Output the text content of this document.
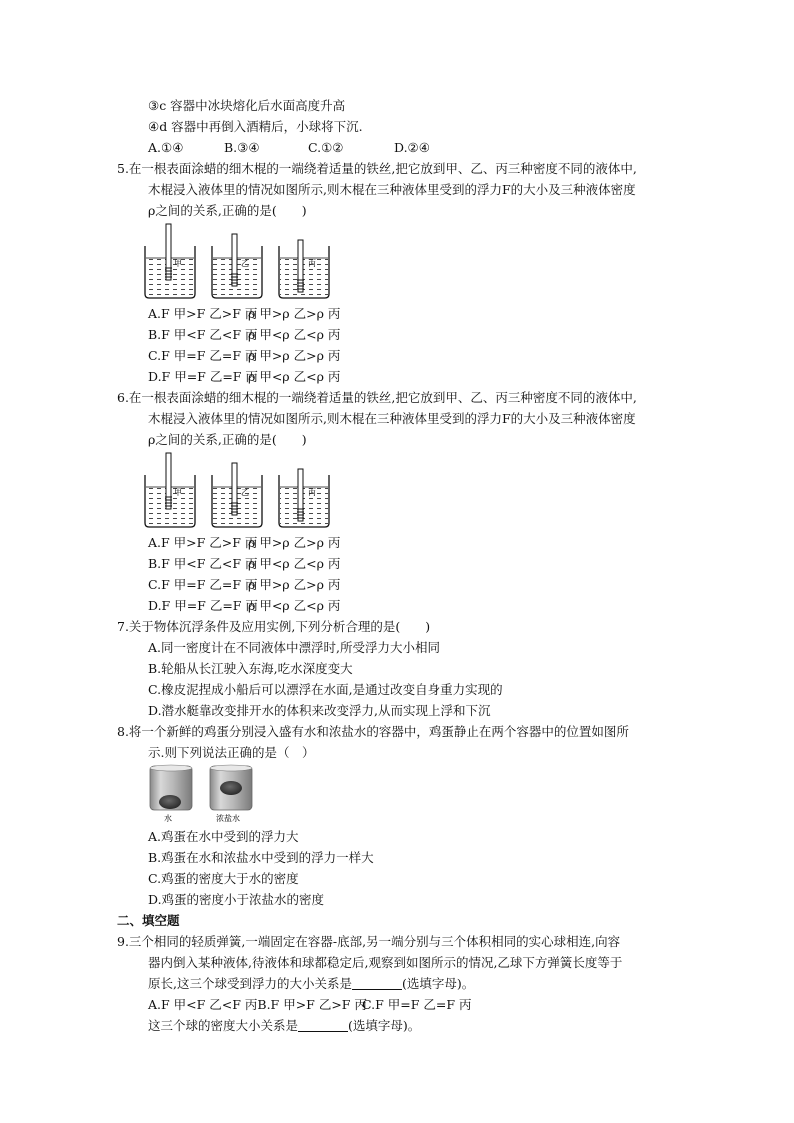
③c 容器中冰块熔化后水面高度升高
④d 容器中再倒入酒精后，小球将下沉.
A.①④	B.③④	C.①②	D.②④
5.在一根表面涂蜡的细木棍的一端绕着适量的铁丝,把它放到甲、乙、丙三种密度不同的液体中,
木棍浸入液体里的情况如图所示,则木棍在三种液体里受到的浮力F的大小及三种液体密度
ρ之间的关系,正确的是(　　)
甲	乙	丙
A.F 甲>F 乙>F 丙
ρ 甲>ρ 乙>ρ 丙
B.F 甲<F 乙<F 丙
ρ 甲<ρ 乙<ρ 丙
C.F 甲=F 乙=F 丙
ρ 甲>ρ 乙>ρ 丙
D.F 甲=F 乙=F 丙
ρ 甲<ρ 乙<ρ 丙
6.在一根表面涂蜡的细木棍的一端绕着适量的铁丝,把它放到甲、乙、丙三种密度不同的液体中,
木棍浸入液体里的情况如图所示,则木棍在三种液体里受到的浮力F的大小及三种液体密度
ρ之间的关系,正确的是(　　)
甲	乙	丙
A.F 甲>F 乙>F 丙
ρ 甲>ρ 乙>ρ 丙
B.F 甲<F 乙<F 丙
ρ 甲<ρ 乙<ρ 丙
C.F 甲=F 乙=F 丙
ρ 甲>ρ 乙>ρ 丙
D.F 甲=F 乙=F 丙
ρ 甲<ρ 乙<ρ 丙
7.关于物体沉浮条件及应用实例,下列分析合理的是(　　)
A.同一密度计在不同液体中漂浮时,所受浮力大小相同
B.轮船从长江驶入东海,吃水深度变大
C.橡皮泥捏成小船后可以漂浮在水面,是通过改变自身重力实现的
D.潜水艇靠改变排开水的体积来改变浮力,从而实现上浮和下沉
8.将一个新鲜的鸡蛋分别浸入盛有水和浓盐水的容器中，鸡蛋静止在两个容器中的位置如图所
示.则下列说法正确的是（　）
水	浓盐水
A.鸡蛋在水中受到的浮力大
B.鸡蛋在水和浓盐水中受到的浮力一样大
C.鸡蛋的密度大于水的密度
D.鸡蛋的密度小于浓盐水的密度
二、填空题
9.三个相同的轻质弹簧,一端固定在容器-底部,另一端分别与三个体积相同的实心球相连,向容
器内倒入某种液体,待液体和球都稳定后,观察到如图所示的情况,乙球下方弹簧长度等于
原长,这三个球受到浮力的大小关系是	(选填字母)。
A.F 甲<F 乙<F 丙B.F 甲>F 乙>F 丙
C.F 甲=F 乙=F 丙
这三个球的密度大小关系是	(选填字母)。
